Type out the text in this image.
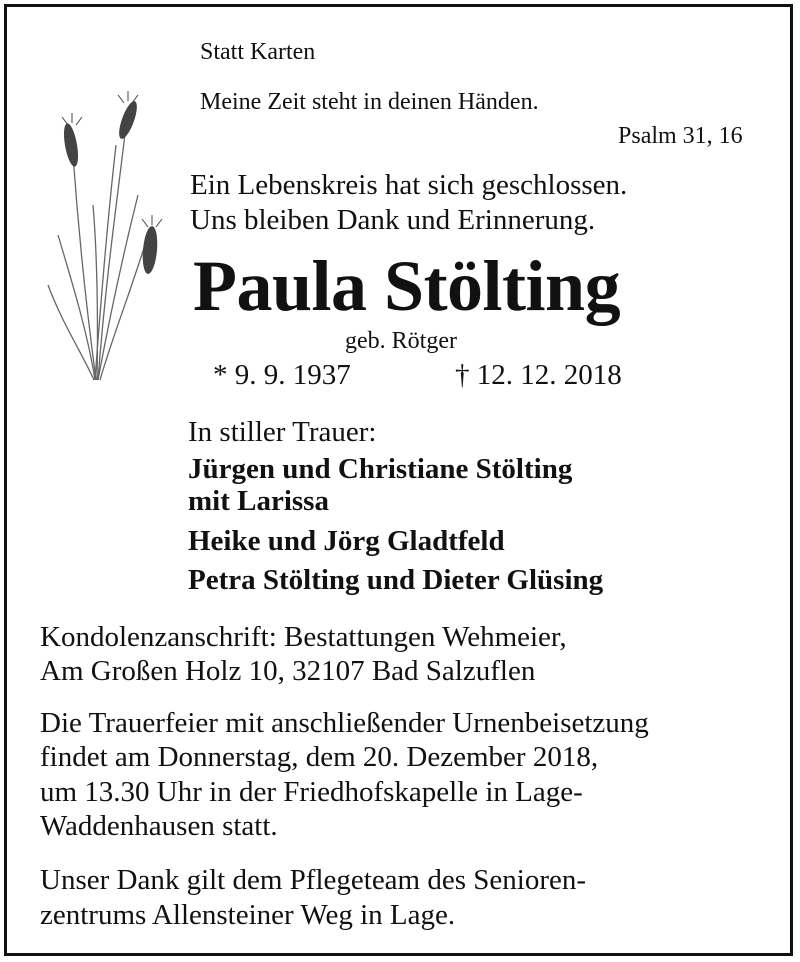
Statt Karten
Meine Zeit steht in deinen Händen.
Psalm 31, 16
Ein Lebenskreis hat sich geschlossen.
Uns bleiben Dank und Erinnerung.
Paula Stölting
geb. Rötger
* 9. 9. 1937	† 12. 12. 2018
In stiller Trauer:
Jürgen und Christiane Stölting
mit Larissa
Heike und Jörg Gladtfeld
Petra Stölting und Dieter Glüsing
Kondolenzanschrift: Bestattungen Wehmeier,
Am Großen Holz 10, 32107 Bad Salzuflen
Die Trauerfeier mit anschließender Urnenbeisetzung
findet am Donnerstag, dem 20. Dezember 2018,
um 13.30 Uhr in der Friedhofskapelle in Lage-
Waddenhausen statt.
Unser Dank gilt dem Pflegeteam des Senioren-
zentrums Allensteiner Weg in Lage.
